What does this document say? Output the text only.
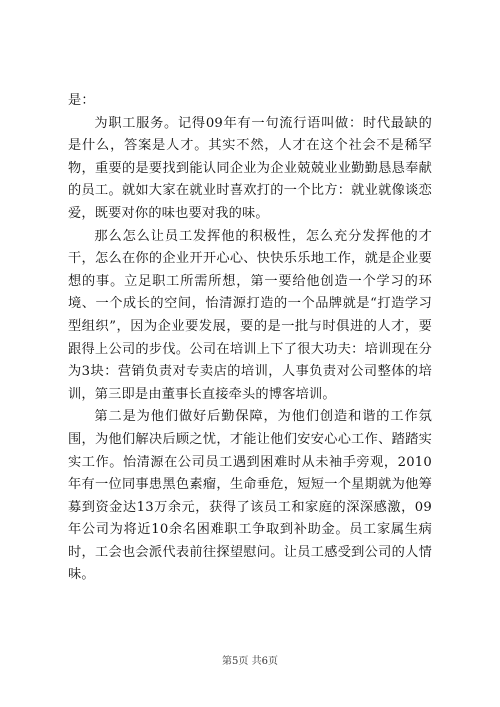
是：

为职工服务。记得09年有一句流行语叫做：时代最缺的是什么，答案是人才。其实不然，人才在这个社会不是稀罕物，重要的是要找到能认同企业为企业兢兢业业勤勤恳恳奉献的员工。就如大家在就业时喜欢打的一个比方：就业就像谈恋爱，既要对你的味也要对我的味。

那么怎么让员工发挥他的积极性，怎么充分发挥他的才干，怎么在你的企业开开心心、快快乐乐地工作，就是企业要想的事。立足职工所需所想，第一要给他创造一个学习的环境、一个成长的空间，怡清源打造的一个品牌就是“打造学习型组织”，因为企业要发展，要的是一批与时俱进的人才，要跟得上公司的步伐。公司在培训上下了很大功夫：培训现在分为3块：营销负责对专卖店的培训，人事负责对公司整体的培训，第三即是由董事长直接牵头的博客培训。

第二是为他们做好后勤保障，为他们创造和谐的工作氛围，为他们解决后顾之忧，才能让他们安安心心工作、踏踏实实工作。怡清源在公司员工遇到困难时从未袖手旁观，2010年有一位同事患黑色素瘤，生命垂危，短短一个星期就为他筹募到资金达13万余元，获得了该员工和家庭的深深感激，09年公司为将近10余名困难职工争取到补助金。员工家属生病时，工会也会派代表前往探望慰问。让员工感受到公司的人情味。

第5页 共6页
